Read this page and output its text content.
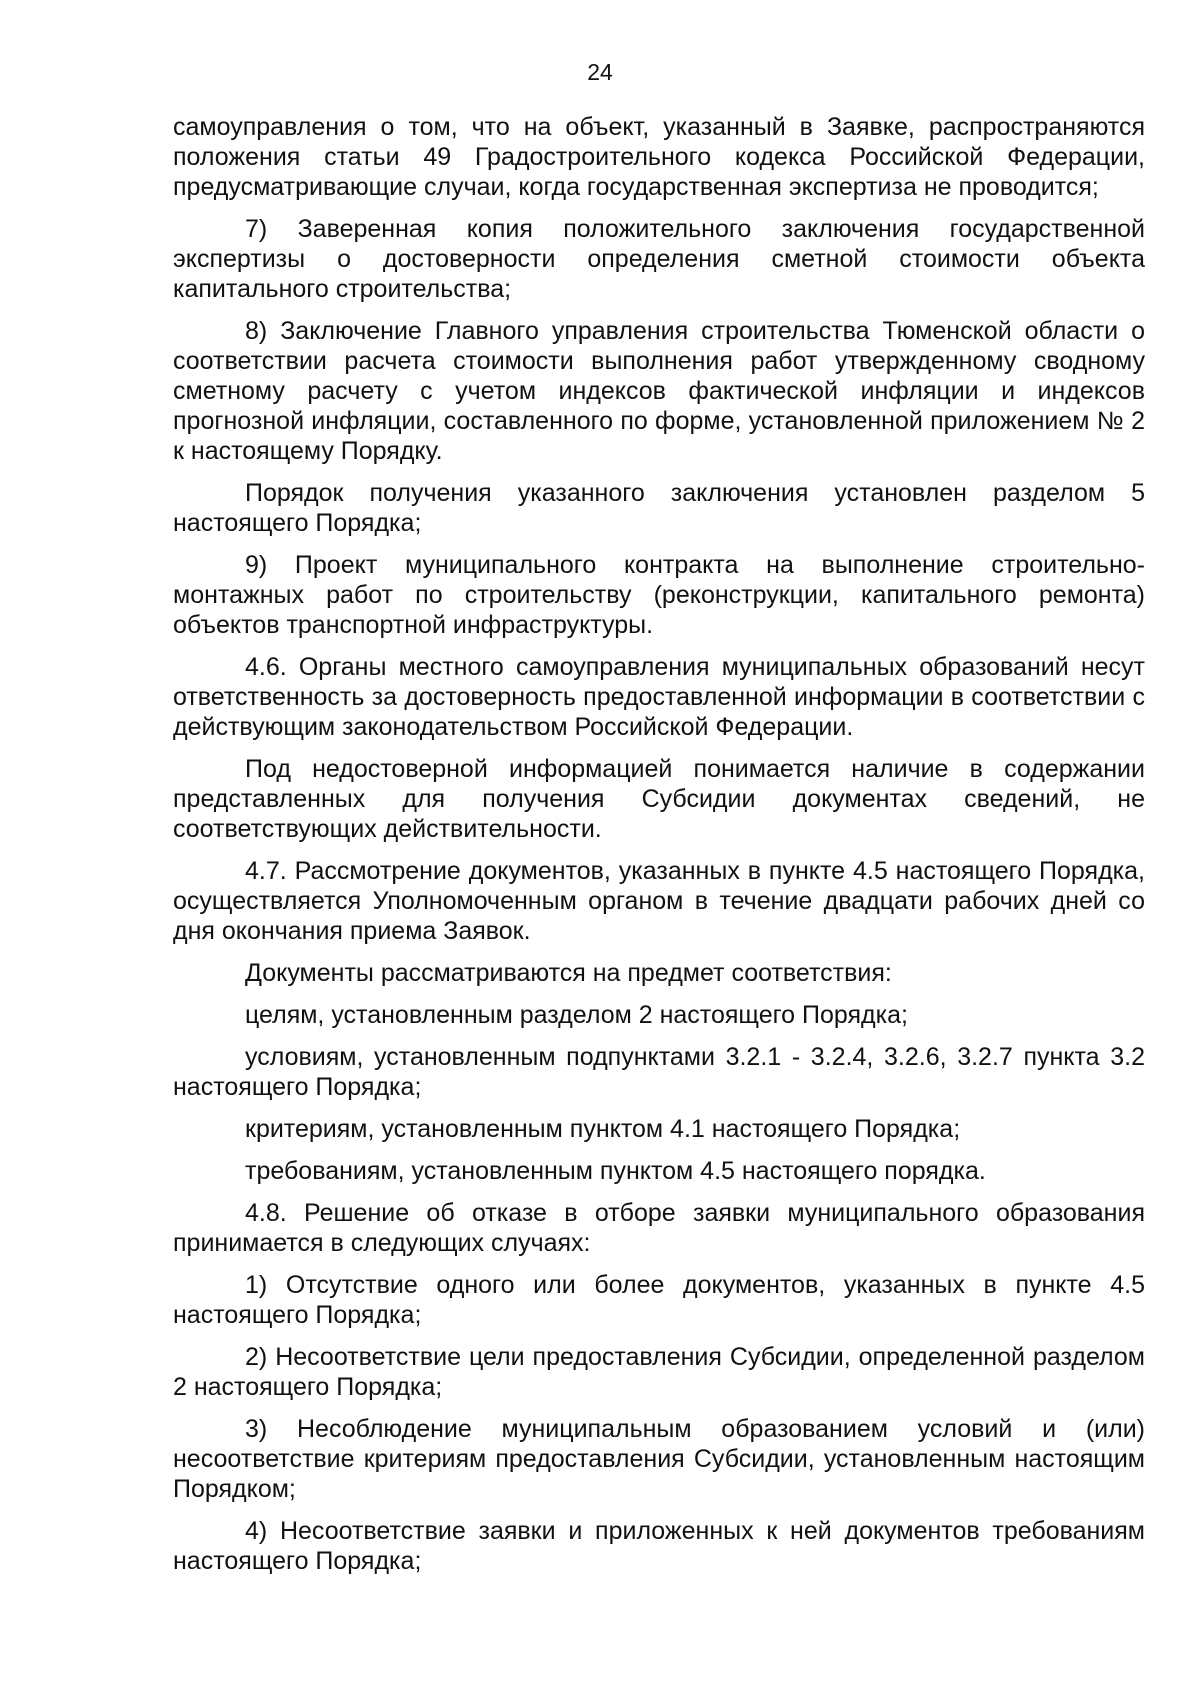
24

самоуправления о том, что на объект, указанный в Заявке, распространяются положения статьи 49 Градостроительного кодекса Российской Федерации, предусматривающие случаи, когда государственная экспертиза не проводится;

7) Заверенная копия положительного заключения государственной экспертизы о достоверности определения сметной стоимости объекта капитального строительства;

8) Заключение Главного управления строительства Тюменской области о соответствии расчета стоимости выполнения работ утвержденному сводному сметному расчету с учетом индексов фактической инфляции и индексов прогнозной инфляции, составленного по форме, установленной приложением № 2 к настоящему Порядку.

Порядок получения указанного заключения установлен разделом 5 настоящего Порядка;

9) Проект муниципального контракта на выполнение строительно-монтажных работ по строительству (реконструкции, капитального ремонта) объектов транспортной инфраструктуры.

4.6. Органы местного самоуправления муниципальных образований несут ответственность за достоверность предоставленной информации в соответствии с действующим законодательством Российской Федерации.

Под недостоверной информацией понимается наличие в содержании представленных для получения Субсидии документах сведений, не соответствующих действительности.

4.7. Рассмотрение документов, указанных в пункте 4.5 настоящего Порядка, осуществляется Уполномоченным органом в течение двадцати рабочих дней со дня окончания приема Заявок.

Документы рассматриваются на предмет соответствия:

целям, установленным разделом 2 настоящего Порядка;

условиям, установленным подпунктами 3.2.1 - 3.2.4, 3.2.6, 3.2.7 пункта 3.2 настоящего Порядка;

критериям, установленным пунктом 4.1 настоящего Порядка;

требованиям, установленным пунктом 4.5 настоящего порядка.

4.8. Решение об отказе в отборе заявки муниципального образования принимается в следующих случаях:

1) Отсутствие одного или более документов, указанных в пункте 4.5 настоящего Порядка;

2) Несоответствие цели предоставления Субсидии, определенной разделом 2 настоящего Порядка;

3) Несоблюдение муниципальным образованием условий и (или) несоответствие критериям предоставления Субсидии, установленным настоящим Порядком;

4) Несоответствие заявки и приложенных к ней документов требованиям настоящего Порядка;
